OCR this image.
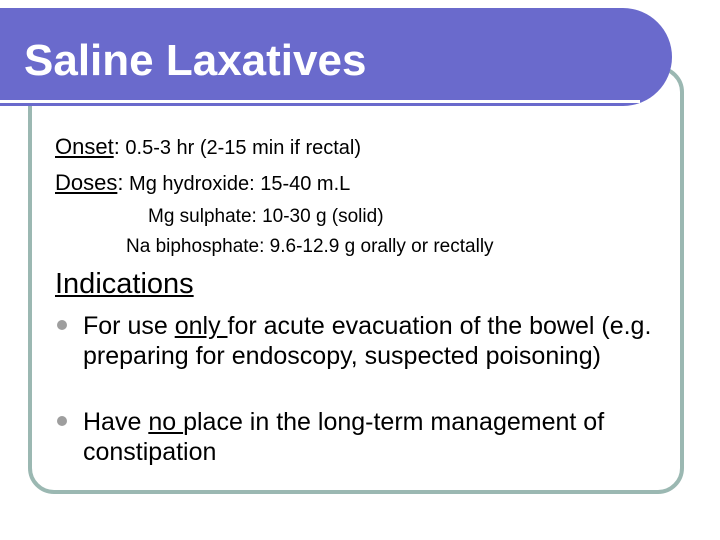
Saline Laxatives
Onset: 0.5-3 hr (2-15 min if rectal)
Doses: Mg hydroxide: 15-40 m.L
Mg sulphate: 10-30 g (solid)
Na biphosphate: 9.6-12.9 g orally or rectally
Indications
For use only for acute evacuation of the bowel (e.g. preparing for endoscopy, suspected poisoning)
Have no place in the long-term management of constipation
